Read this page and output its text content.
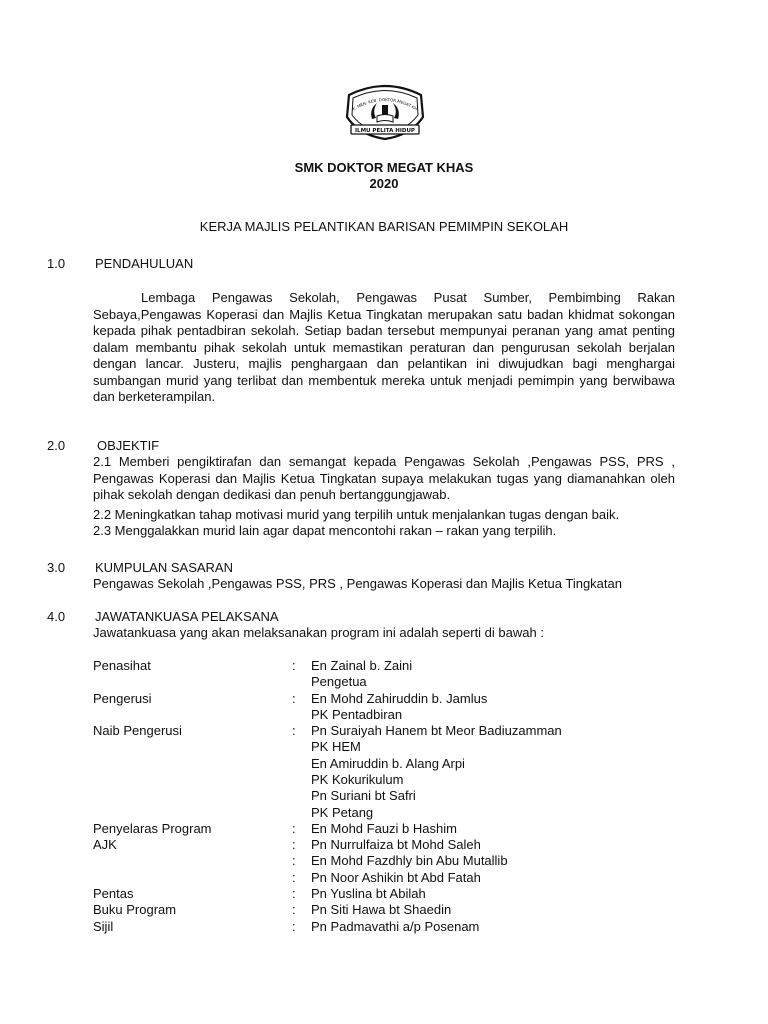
K. MEN. KEB. DOKTOR MEGAT KH
ILMU PELITA HIDUP
SMK DOKTOR MEGAT KHAS
2020
KERJA MAJLIS PELANTIKAN BARISAN PEMIMPIN SEKOLAH
1.0 PENDAHULUAN
Lembaga Pengawas Sekolah, Pengawas Pusat Sumber, Pembimbing Rakan Sebaya,Pengawas Koperasi dan Majlis Ketua Tingkatan merupakan satu badan khidmat sokongan kepada pihak pentadbiran sekolah. Setiap badan tersebut mempunyai peranan yang amat penting dalam membantu pihak sekolah untuk memastikan peraturan dan pengurusan sekolah berjalan dengan lancar. Justeru, majlis penghargaan dan pelantikan ini diwujudkan bagi menghargai sumbangan murid yang terlibat dan membentuk mereka untuk menjadi pemimpin yang berwibawa dan berketerampilan.
2.0 OBJEKTIF
2.1 Memberi pengiktirafan dan semangat kepada Pengawas Sekolah ,Pengawas PSS, PRS , Pengawas Koperasi dan Majlis Ketua Tingkatan supaya melakukan tugas yang diamanahkan oleh pihak sekolah dengan dedikasi dan penuh bertanggungjawab.
2.2 Meningkatkan tahap motivasi murid yang terpilih untuk menjalankan tugas dengan baik.
2.3 Menggalakkan murid lain agar dapat mencontohi rakan – rakan yang terpilih.
3.0 KUMPULAN SASARAN
Pengawas Sekolah ,Pengawas PSS, PRS , Pengawas Koperasi dan Majlis Ketua Tingkatan
4.0 JAWATANKUASA PELAKSANA
Jawatankuasa yang akan melaksanakan program ini adalah seperti di bawah :
Penasihat	: En Zainal b. Zaini
Pengetua
Pengerusi	: En Mohd Zahiruddin b. Jamlus
PK Pentadbiran
Naib Pengerusi	: Pn Suraiyah Hanem bt Meor Badiuzamman
PK HEM
En Amiruddin b. Alang Arpi
PK Kokurikulum
Pn Suriani bt Safri
PK Petang
Penyelaras Program	: En Mohd Fauzi b Hashim
AJK	: Pn Nurrulfaiza bt Mohd Saleh
: En Mohd Fazdhly bin Abu Mutallib
: Pn Noor Ashikin bt Abd Fatah
Pentas	: Pn Yuslina bt Abilah
Buku Program	: Pn Siti Hawa bt Shaedin
Sijil	: Pn Padmavathi a/p Posenam
